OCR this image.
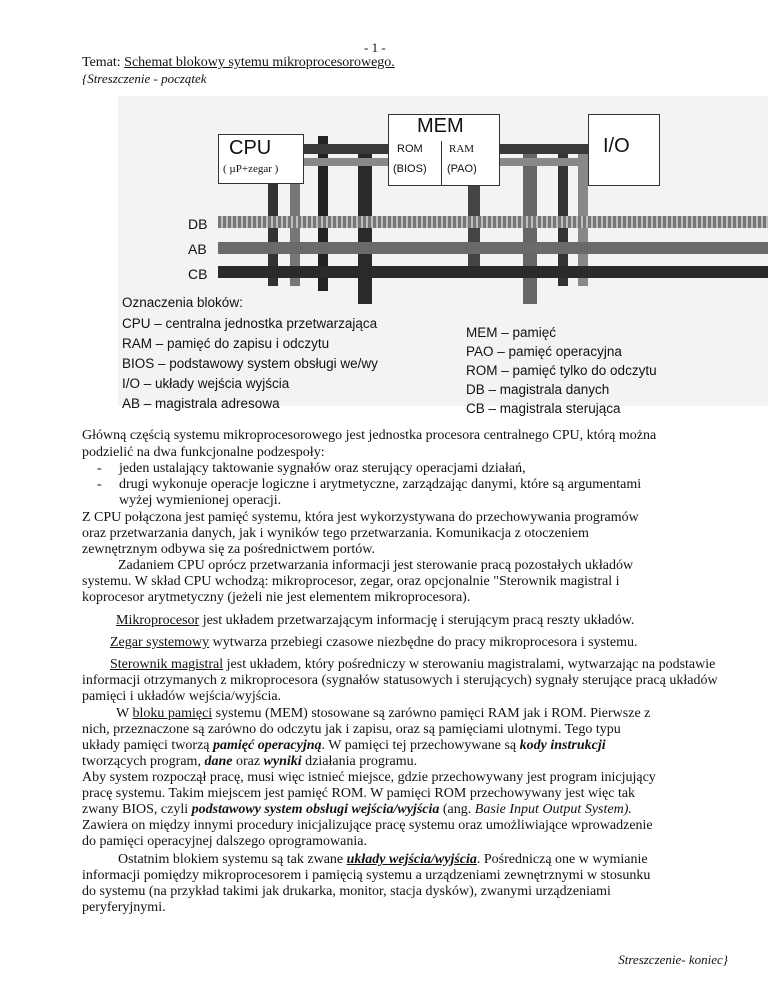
- 1 -
Temat: Schemat blokowy sytemu mikroprocesorowego.
{Streszczenie - początek
CPU
( µP+zegar )
MEM
ROM RAM
(BIOS) (PAO)
I/O
DB
AB
CB
Oznaczenia bloków:
CPU – centralna jednostka przetwarzająca
RAM – pamięć do zapisu i odczytu
BIOS – podstawowy system obsługi we/wy
I/O – układy wejścia wyjścia
AB – magistrala adresowa
MEM – pamięć
PAO – pamięć operacyjna
ROM – pamięć tylko do odczytu
DB – magistrala danych
CB – magistrala sterująca
Główną częścią systemu mikroprocesorowego jest jednostka procesora centralnego CPU, którą można
podzielić na dwa funkcjonalne podzespoły:
- jeden ustalający taktowanie sygnałów oraz sterujący operacjami działań,
- drugi wykonuje operacje logiczne i arytmetyczne, zarządzając danymi, które są argumentami
wyżej wymienionej operacji.
Z CPU połączona jest pamięć systemu, która jest wykorzystywana do przechowywania programów
oraz przetwarzania danych, jak i wyników tego przetwarzania. Komunikacja z otoczeniem
zewnętrznym odbywa się za pośrednictwem portów.
Zadaniem CPU oprócz przetwarzania informacji jest sterowanie pracą pozostałych układów
systemu. W skład CPU wchodzą: mikroprocesor, zegar, oraz opcjonalnie "Sterownik magistral i
koprocesor arytmetyczny (jeżeli nie jest elementem mikroprocesora).
Mikroprocesor jest układem przetwarzającym informację i sterującym pracą reszty układów.
Zegar systemowy wytwarza przebiegi czasowe niezbędne do pracy mikroprocesora i systemu.
Sterownik magistral jest układem, który pośredniczy w sterowaniu magistralami, wytwarzając na podstawie
informacji otrzymanych z mikroprocesora (sygnałów statusowych i sterujących) sygnały sterujące pracą układów
pamięci i układów wejścia/wyjścia.
W bloku pamięci systemu (MEM) stosowane są zarówno pamięci RAM jak i ROM. Pierwsze z
nich, przeznaczone są zarówno do odczytu jak i zapisu, oraz są pamięciami ulotnymi. Tego typu
układy pamięci tworzą pamięć operacyjną. W pamięci tej przechowywane są kody instrukcji
tworzących program, dane oraz wyniki działania programu.
Aby system rozpoczął pracę, musi więc istnieć miejsce, gdzie przechowywany jest program inicjujący
pracę systemu. Takim miejscem jest pamięć ROM. W pamięci ROM przechowywany jest więc tak
zwany BIOS, czyli podstawowy system obsługi wejścia/wyjścia (ang. Basie Input Output System).
Zawiera on między innymi procedury inicjalizujące pracę systemu oraz umożliwiające wprowadzenie
do pamięci operacyjnej dalszego oprogramowania.
Ostatnim blokiem systemu są tak zwane układy wejścia/wyjścia. Pośredniczą one w wymianie
informacji pomiędzy mikroprocesorem i pamięcią systemu a urządzeniami zewnętrznymi w stosunku
do systemu (na przykład takimi jak drukarka, monitor, stacja dysków), zwanymi urządzeniami
peryferyjnymi.
Streszczenie- koniec}
